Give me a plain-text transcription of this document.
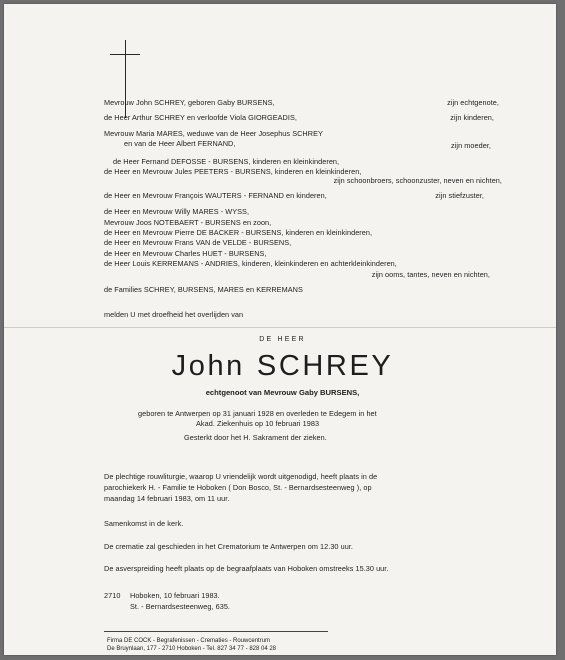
Mevrouw John SCHREY, geboren Gaby BURSENS,	zijn echtgenote,
de Heer Arthur SCHREY en verloofde Viola GIORGEADIS,	zijn kinderen,
Mevrouw Maria MARES, weduwe van de Heer Josephus SCHREY
en van de Heer Albert FERNAND,	zijn moeder,
de Heer Fernand DEFOSSE - BURSENS, kinderen en kleinkinderen,
de Heer en Mevrouw Jules PEETERS - BURSENS, kinderen en kleinkinderen,
zijn schoonbroers, schoonzuster, neven en nichten,
de Heer en Mevrouw François WAUTERS - FERNAND en kinderen,	zijn stiefzuster,
de Heer en Mevrouw Willy MARES - WYSS,
Mevrouw Joos NOTEBAERT - BURSENS en zoon,
de Heer en Mevrouw Pierre DE BACKER - BURSENS, kinderen en kleinkinderen,
de Heer en Mevrouw Frans VAN de VELDE - BURSENS,
de Heer en Mevrouw Charles HUET - BURSENS,
de Heer Louis KERREMANS - ANDRIES, kinderen, kleinkinderen en achterkleinkinderen,
zijn ooms, tantes, neven en nichten,
de Families SCHREY, BURSENS, MARES en KERREMANS
melden U met droefheid het overlijden van
DE HEER
John SCHREY
echtgenoot van Mevrouw Gaby BURSENS,
geboren te Antwerpen op 31 januari 1928 en overleden te Edegem in het
Akad. Ziekenhuis op 10 februari 1983
Gesterkt door het H. Sakrament der zieken.
De plechtige rouwliturgie, waarop U vriendelijk wordt uitgenodigd, heeft plaats in de
parochiekerk H. - Familie te Hoboken ( Don Bosco, St. - Bernardsesteenweg ), op
maandag 14 februari 1983, om 11 uur.
Samenkomst in de kerk.
De crematie zal geschieden in het Crematorium te Antwerpen om 12.30 uur.
De asverspreiding heeft plaats op de begraafplaats van Hoboken omstreeks 15.30 uur.
2710 Hoboken, 10 februari 1983.
St. - Bernardsesteenweg, 635.
Firma DE COCK - Begrafenissen - Crematies - Rouwcentrum
De Bruynlaan, 177 - 2710 Hoboken - Tel. 827 34 77 - 828 04 28
